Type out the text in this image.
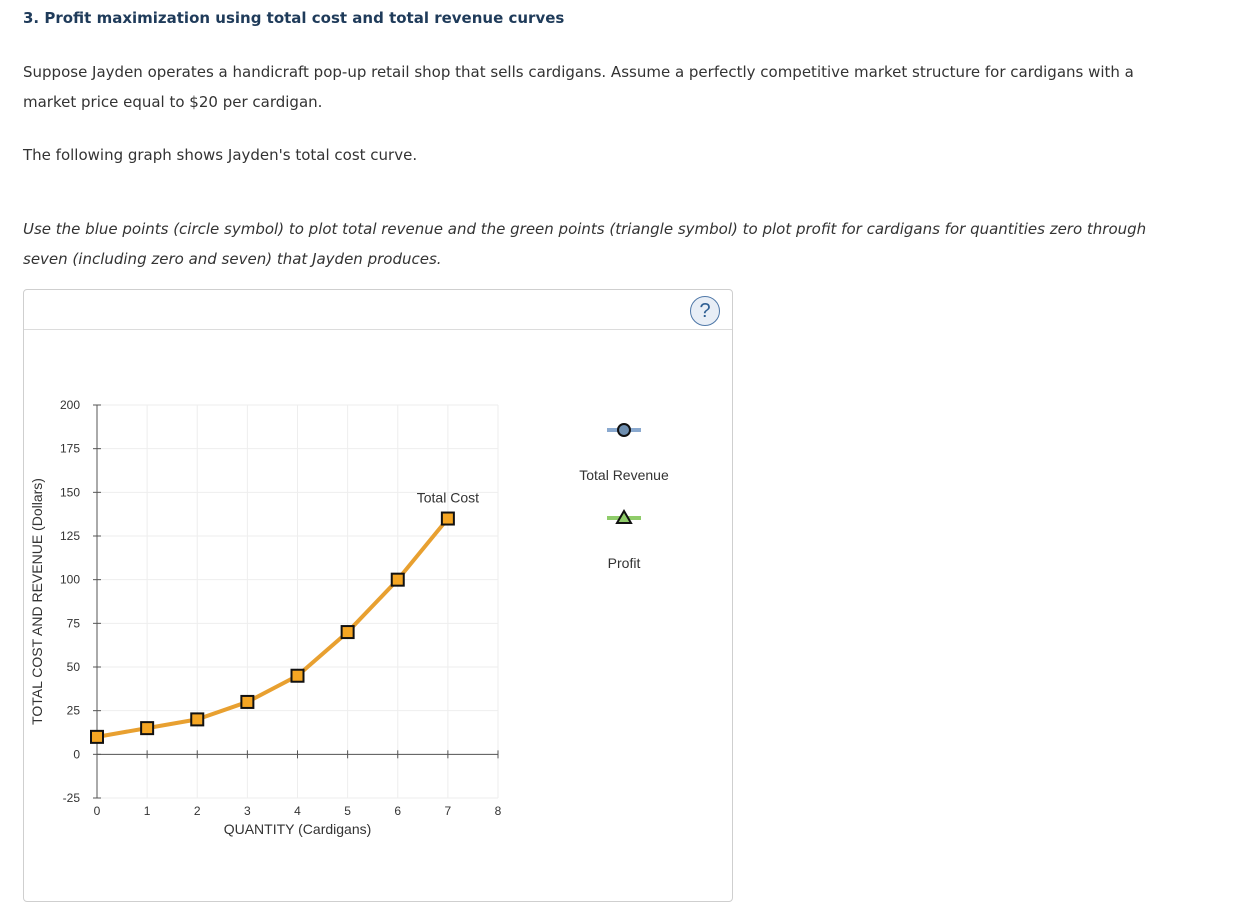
3. Profit maximization using total cost and total revenue curves

Suppose Jayden operates a handicraft pop-up retail shop that sells cardigans. Assume a perfectly competitive market structure for cardigans with a market price equal to $20 per cardigan.

The following graph shows Jayden's total cost curve.

Use the blue points (circle symbol) to plot total revenue and the green points (triangle symbol) to plot profit for cardigans for quantities zero through seven (including zero and seven) that Jayden produces.

?
-25
0
25
50
75
100
125
150
175
200
0	1	2	3	4	5	6	7	8
QUANTITY (Cardigans)
TOTAL COST AND REVENUE (Dollars)	Total Cost
Total Revenue
Profit
